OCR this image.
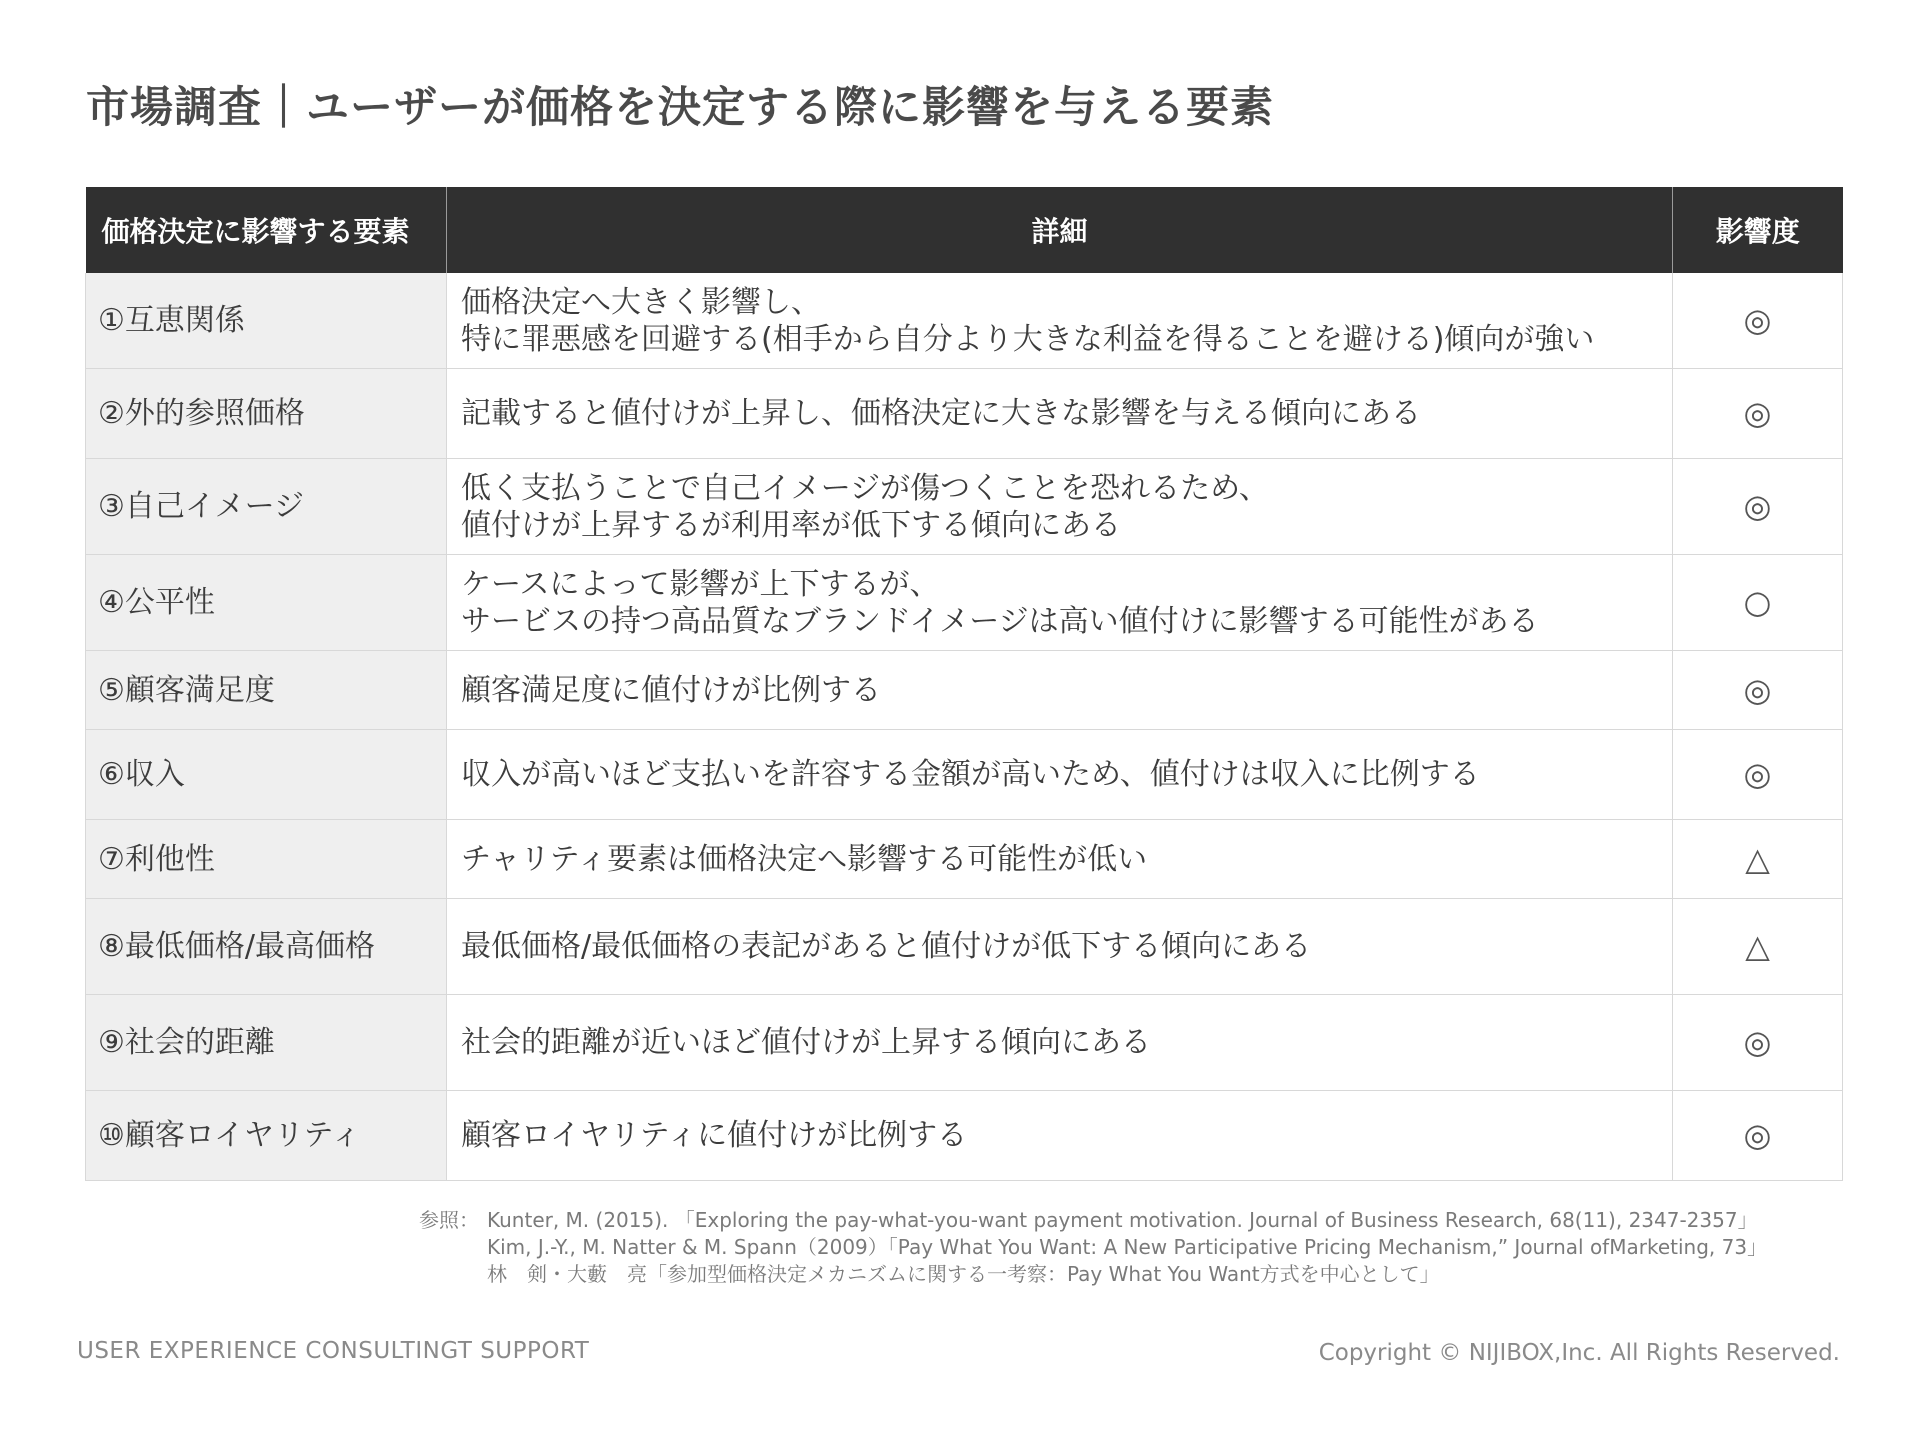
市場調査｜ユーザーが価格を決定する際に影響を与える要素
価格決定に影響する要素	詳細	影響度
①互恵関係	価格決定へ大きく影響し、
特に罪悪感を回避する(相手から自分より大きな利益を得ることを避ける)傾向が強い	◎
②外的参照価格	記載すると値付けが上昇し、価格決定に大きな影響を与える傾向にある	◎
③自己イメージ	低く支払うことで自己イメージが傷つくことを恐れるため、
値付けが上昇するが利用率が低下する傾向にある	◎
④公平性	ケースによって影響が上下するが、
サービスの持つ高品質なブランドイメージは高い値付けに影響する可能性がある	○
⑤顧客満足度	顧客満足度に値付けが比例する	◎
⑥収入	収入が高いほど支払いを許容する金額が高いため、値付けは収入に比例する	◎
⑦利他性	チャリティ要素は価格決定へ影響する可能性が低い	△
⑧最低価格/最高価格	最低価格/最低価格の表記があると値付けが低下する傾向にある	△
⑨社会的距離	社会的距離が近いほど値付けが上昇する傾向にある	◎
⑩顧客ロイヤリティ	顧客ロイヤリティに値付けが比例する	◎
参照： Kunter, M. (2015). 「Exploring the pay-what-you-want payment motivation. Journal of Business Research, 68(11), 2347-2357」
Kim, J.-Y., M. Natter & M. Spann（2009）「Pay What You Want: A New Participative Pricing Mechanism,” Journal ofMarketing, 73」
林　剣・大藪　亮「参加型価格決定メカニズムに関する一考察：Pay What You Want方式を中心として」
USER EXPERIENCE CONSULTINGT SUPPORT	Copyright © NIJIBOX,Inc. All Rights Reserved.
